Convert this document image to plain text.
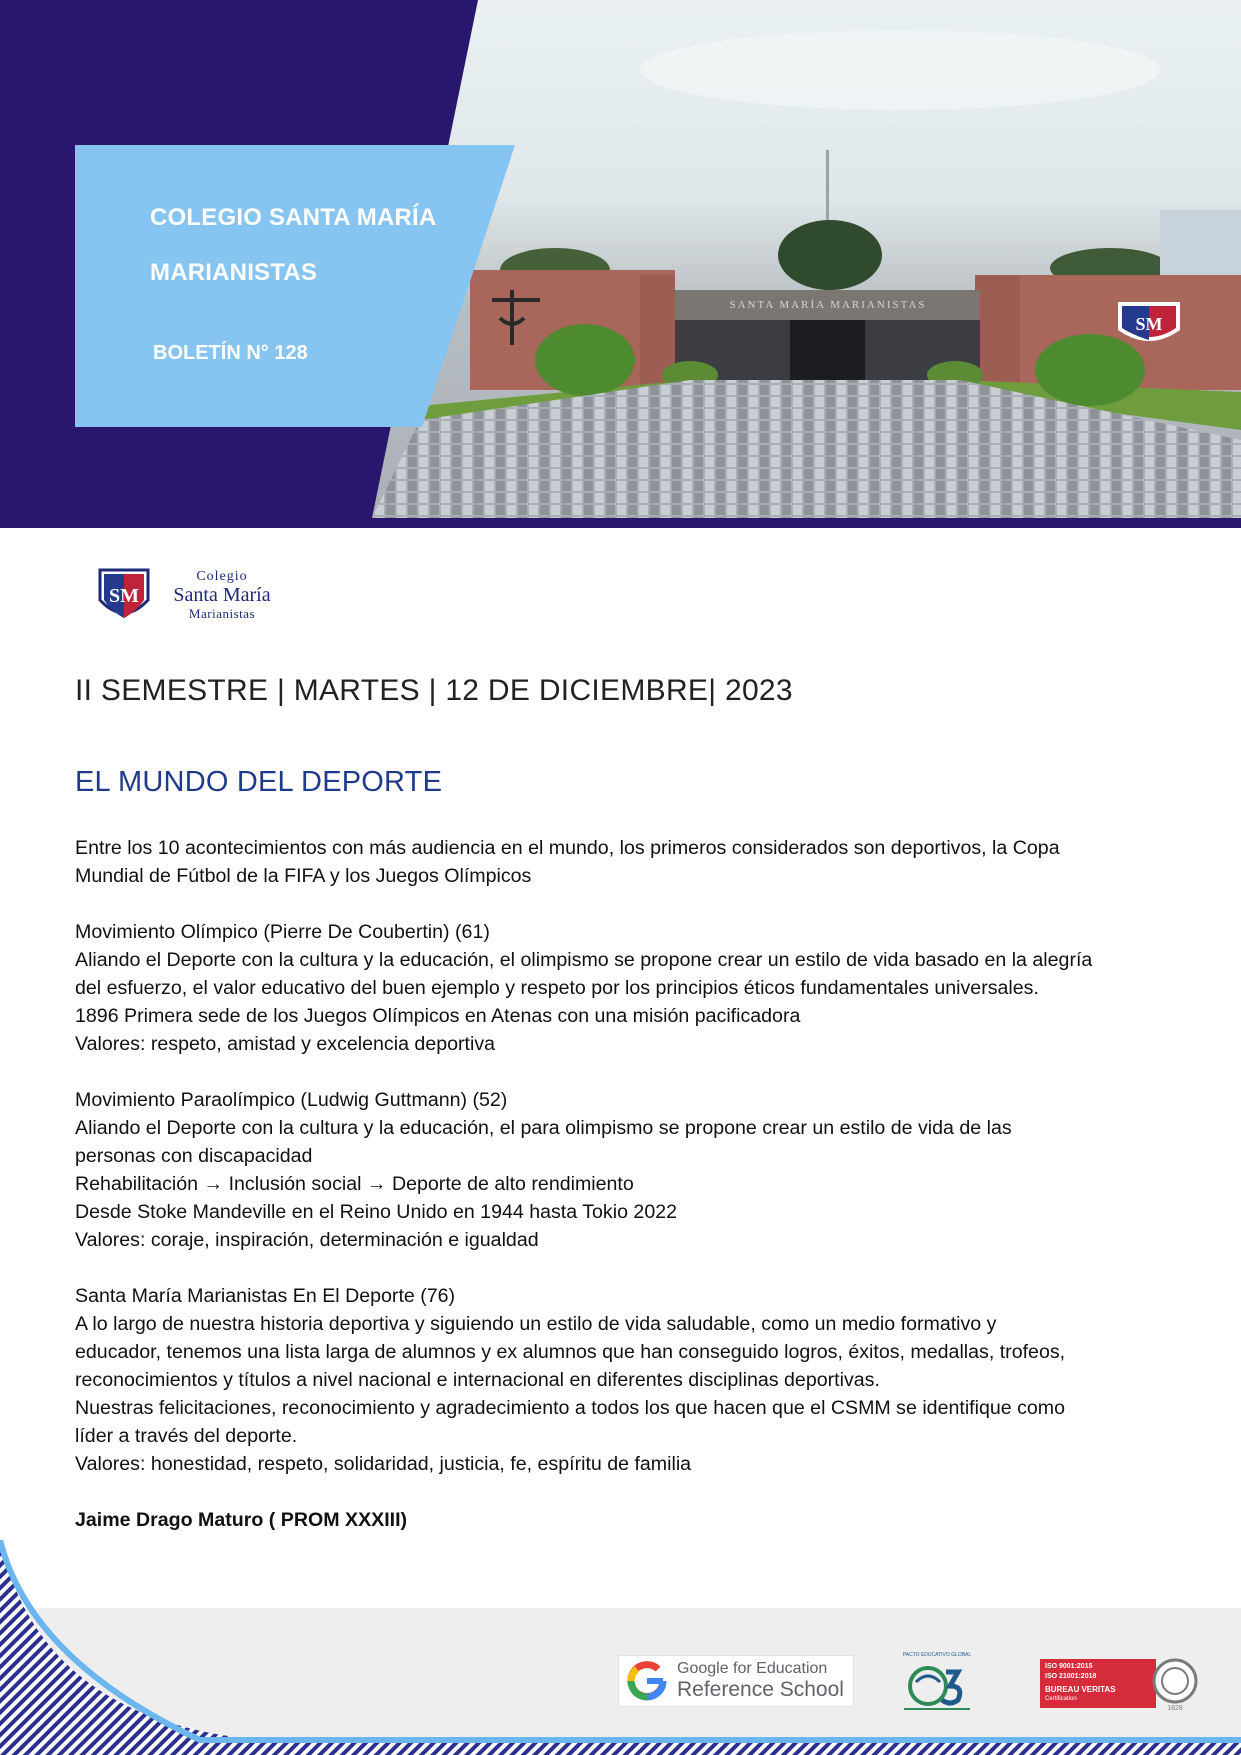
SANTA MARÍA MARIANISTAS
SM
COLEGIO SANTA MARÍA
MARIANISTAS
BOLETÍN N° 128
SM
Colegio
Santa María
Marianistas
II SEMESTRE | MARTES | 12 DE DICIEMBRE| 2023
EL MUNDO DEL DEPORTE

Entre los 10 acontecimientos con más audiencia en el mundo, los primeros considerados son deportivos, la Copa
Mundial de Fútbol de la FIFA y los Juegos Olímpicos

Movimiento Olímpico (Pierre De Coubertin) (61)
Aliando el Deporte con la cultura y la educación, el olimpismo se propone crear un estilo de vida basado en la alegría
del esfuerzo, el valor educativo del buen ejemplo y respeto por los principios éticos fundamentales universales.
1896 Primera sede de los Juegos Olímpicos en Atenas con una misión pacificadora
Valores: respeto, amistad y excelencia deportiva

Movimiento Paraolímpico (Ludwig Guttmann) (52)
Aliando el Deporte con la cultura y la educación, el para olimpismo se propone crear un estilo de vida de las
personas con discapacidad
Rehabilitación → Inclusión social → Deporte de alto rendimiento
Desde Stoke Mandeville en el Reino Unido en 1944 hasta Tokio 2022
Valores: coraje, inspiración, determinación e igualdad

Santa María Marianistas En El Deporte (76)
A lo largo de nuestra historia deportiva y siguiendo un estilo de vida saludable, como un medio formativo y
educador, tenemos una lista larga de alumnos y ex alumnos que han conseguido logros, éxitos, medallas, trofeos,
reconocimientos y títulos a nivel nacional e internacional en diferentes disciplinas deportivas.
Nuestras felicitaciones, reconocimiento y agradecimiento a todos los que hacen que el CSMM se identifique como
líder a través del deporte.
Valores: honestidad, respeto, solidaridad, justicia, fe, espíritu de familia

Jaime Drago Maturo ( PROM XXXIII)

Google for Education
Reference School
PACTO EDUCATIVO GLOBAL
ISO 9001:2015
ISO 21001:2018
BUREAU VERITAS
Certification
1828
